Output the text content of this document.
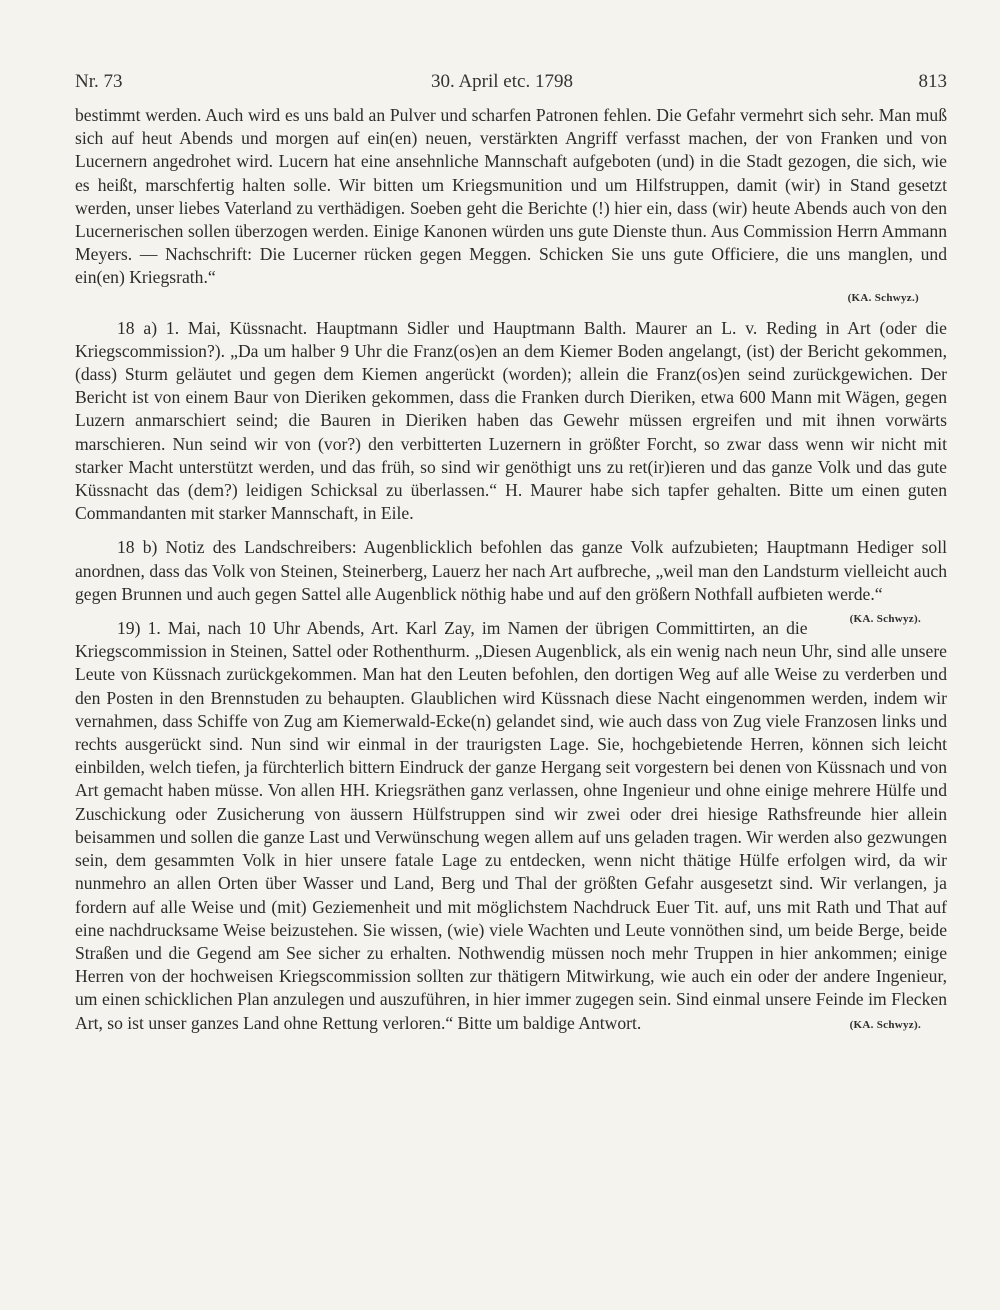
Nr. 73	30. April etc. 1798	813

bestimmt werden. Auch wird es uns bald an Pulver und scharfen Patronen fehlen. Die Gefahr vermehrt sich sehr. Man muß sich auf heut Abends und morgen auf ein(en) neuen, verstärkten Angriff verfasst machen, der von Franken und von Lucernern angedrohet wird. Lucern hat eine ansehnliche Mannschaft aufgeboten (und) in die Stadt gezogen, die sich, wie es heißt, marschfertig halten solle. Wir bitten um Kriegsmunition und um Hilfstruppen, damit (wir) in Stand gesetzt werden, unser liebes Vaterland zu verthädigen. Soeben geht die Berichte (!) hier ein, dass (wir) heute Abends auch von den Lucernerischen sollen überzogen werden. Einige Kanonen würden uns gute Dienste thun. Aus Commission Herrn Ammann Meyers. — Nachschrift: Die Lucerner rücken gegen Meggen. Schicken Sie uns gute Officiere, die uns manglen, und ein(en) Kriegsrath.“

(KA. Schwyz.)

18 a) 1. Mai, Küssnacht. Hauptmann Sidler und Hauptmann Balth. Maurer an L. v. Reding in Art (oder die Kriegscommission?). „Da um halber 9 Uhr die Franz(os)en an dem Kiemer Boden angelangt, (ist) der Bericht gekommen, (dass) Sturm geläutet und gegen dem Kiemen angerückt (worden); allein die Franz(os)en seind zurückgewichen. Der Bericht ist von einem Baur von Dieriken gekommen, dass die Franken durch Dieriken, etwa 600 Mann mit Wägen, gegen Luzern anmarschiert seind; die Bauren in Dieriken haben das Gewehr müssen ergreifen und mit ihnen vorwärts marschieren. Nun seind wir von (vor?) den verbitterten Luzernern in größter Forcht, so zwar dass wenn wir nicht mit starker Macht unterstützt werden, und das früh, so sind wir genöthigt uns zu ret(ir)ieren und das ganze Volk und das gute Küssnacht das (dem?) leidigen Schicksal zu überlassen.“ H. Maurer habe sich tapfer gehalten. Bitte um einen guten Commandanten mit starker Mannschaft, in Eile.

18 b) Notiz des Landschreibers: Augenblicklich befohlen das ganze Volk aufzubieten; Hauptmann Hediger soll anordnen, dass das Volk von Steinen, Steinerberg, Lauerz her nach Art aufbreche, „weil man den Landsturm vielleicht auch gegen Brunnen und auch gegen Sattel alle Augenblick nöthig habe und auf den größern Nothfall aufbieten werde.“
(KA. Schwyz).

19) 1. Mai, nach 10 Uhr Abends, Art. Karl Zay, im Namen der übrigen Committirten, an die Kriegscommission in Steinen, Sattel oder Rothenthurm. „Diesen Augenblick, als ein wenig nach neun Uhr, sind alle unsere Leute von Küssnach zurückgekommen. Man hat den Leuten befohlen, den dortigen Weg auf alle Weise zu verderben und den Posten in den Brennstuden zu behaupten. Glaublichen wird Küssnach diese Nacht eingenommen werden, indem wir vernahmen, dass Schiffe von Zug am Kiemerwald-Ecke(n) gelandet sind, wie auch dass von Zug viele Franzosen links und rechts ausgerückt sind. Nun sind wir einmal in der traurigsten Lage. Sie, hochgebietende Herren, können sich leicht einbilden, welch tiefen, ja fürchterlich bittern Eindruck der ganze Hergang seit vorgestern bei denen von Küssnach und von Art gemacht haben müsse. Von allen HH. Kriegsräthen ganz verlassen, ohne Ingenieur und ohne einige mehrere Hülfe und Zuschickung oder Zusicherung von äussern Hülfstruppen sind wir zwei oder drei hiesige Rathsfreunde hier allein beisammen und sollen die ganze Last und Verwünschung wegen allem auf uns geladen tragen. Wir werden also gezwungen sein, dem gesammten Volk in hier unsere fatale Lage zu entdecken, wenn nicht thätige Hülfe erfolgen wird, da wir nunmehro an allen Orten über Wasser und Land, Berg und Thal der größten Gefahr ausgesetzt sind. Wir verlangen, ja fordern auf alle Weise und (mit) Geziemenheit und mit möglichstem Nachdruck Euer Tit. auf, uns mit Rath und That auf eine nachdrucksame Weise beizustehen. Sie wissen, (wie) viele Wachten und Leute vonnöthen sind, um beide Berge, beide Straßen und die Gegend am See sicher zu erhalten. Nothwendig müssen noch mehr Truppen in hier ankommen; einige Herren von der hochweisen Kriegscommission sollten zur thätigern Mitwirkung, wie auch ein oder der andere Ingenieur, um einen schicklichen Plan anzulegen und auszuführen, in hier immer zugegen sein. Sind einmal unsere Feinde im Flecken Art, so ist unser ganzes Land ohne Rettung verloren.“ Bitte um baldige Antwort.	(KA. Schwyz).
